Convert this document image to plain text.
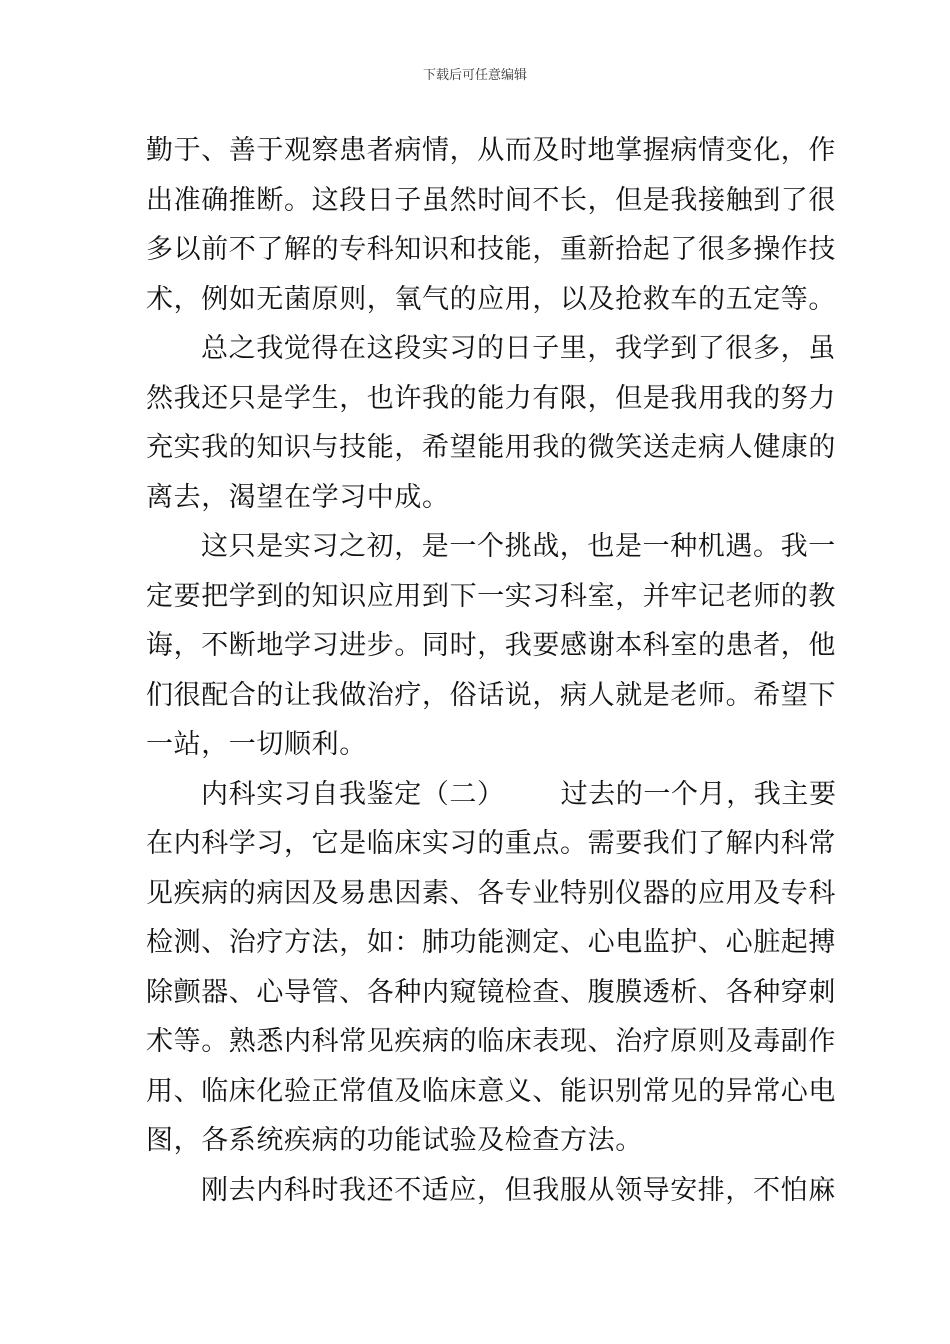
下载后可任意编辑
勤于、善于观察患者病情，从而及时地掌握病情变化，作
出准确推断。这段日子虽然时间不长，但是我接触到了很
多以前不了解的专科知识和技能，重新拾起了很多操作技
术，例如无菌原则，氧气的应用，以及抢救车的五定等。
总之我觉得在这段实习的日子里，我学到了很多，虽
然我还只是学生，也许我的能力有限，但是我用我的努力
充实我的知识与技能，希望能用我的微笑送走病人健康的
离去，渴望在学习中成。
这只是实习之初，是一个挑战，也是一种机遇。我一
定要把学到的知识应用到下一实习科室，并牢记老师的教
诲，不断地学习进步。同时，我要感谢本科室的患者，他
们很配合的让我做治疗，俗话说，病人就是老师。希望下
一站，一切顺利。
内科实习自我鉴定（二） 过去的一个月，我主要
在内科学习，它是临床实习的重点。需要我们了解内科常
见疾病的病因及易患因素、各专业特别仪器的应用及专科
检测、治疗方法，如：肺功能测定、心电监护、心脏起搏
除颤器、心导管、各种内窥镜检查、腹膜透析、各种穿刺
术等。熟悉内科常见疾病的临床表现、治疗原则及毒副作
用、临床化验正常值及临床意义、能识别常见的异常心电
图，各系统疾病的功能试验及检查方法。
刚去内科时我还不适应，但我服从领导安排，不怕麻
